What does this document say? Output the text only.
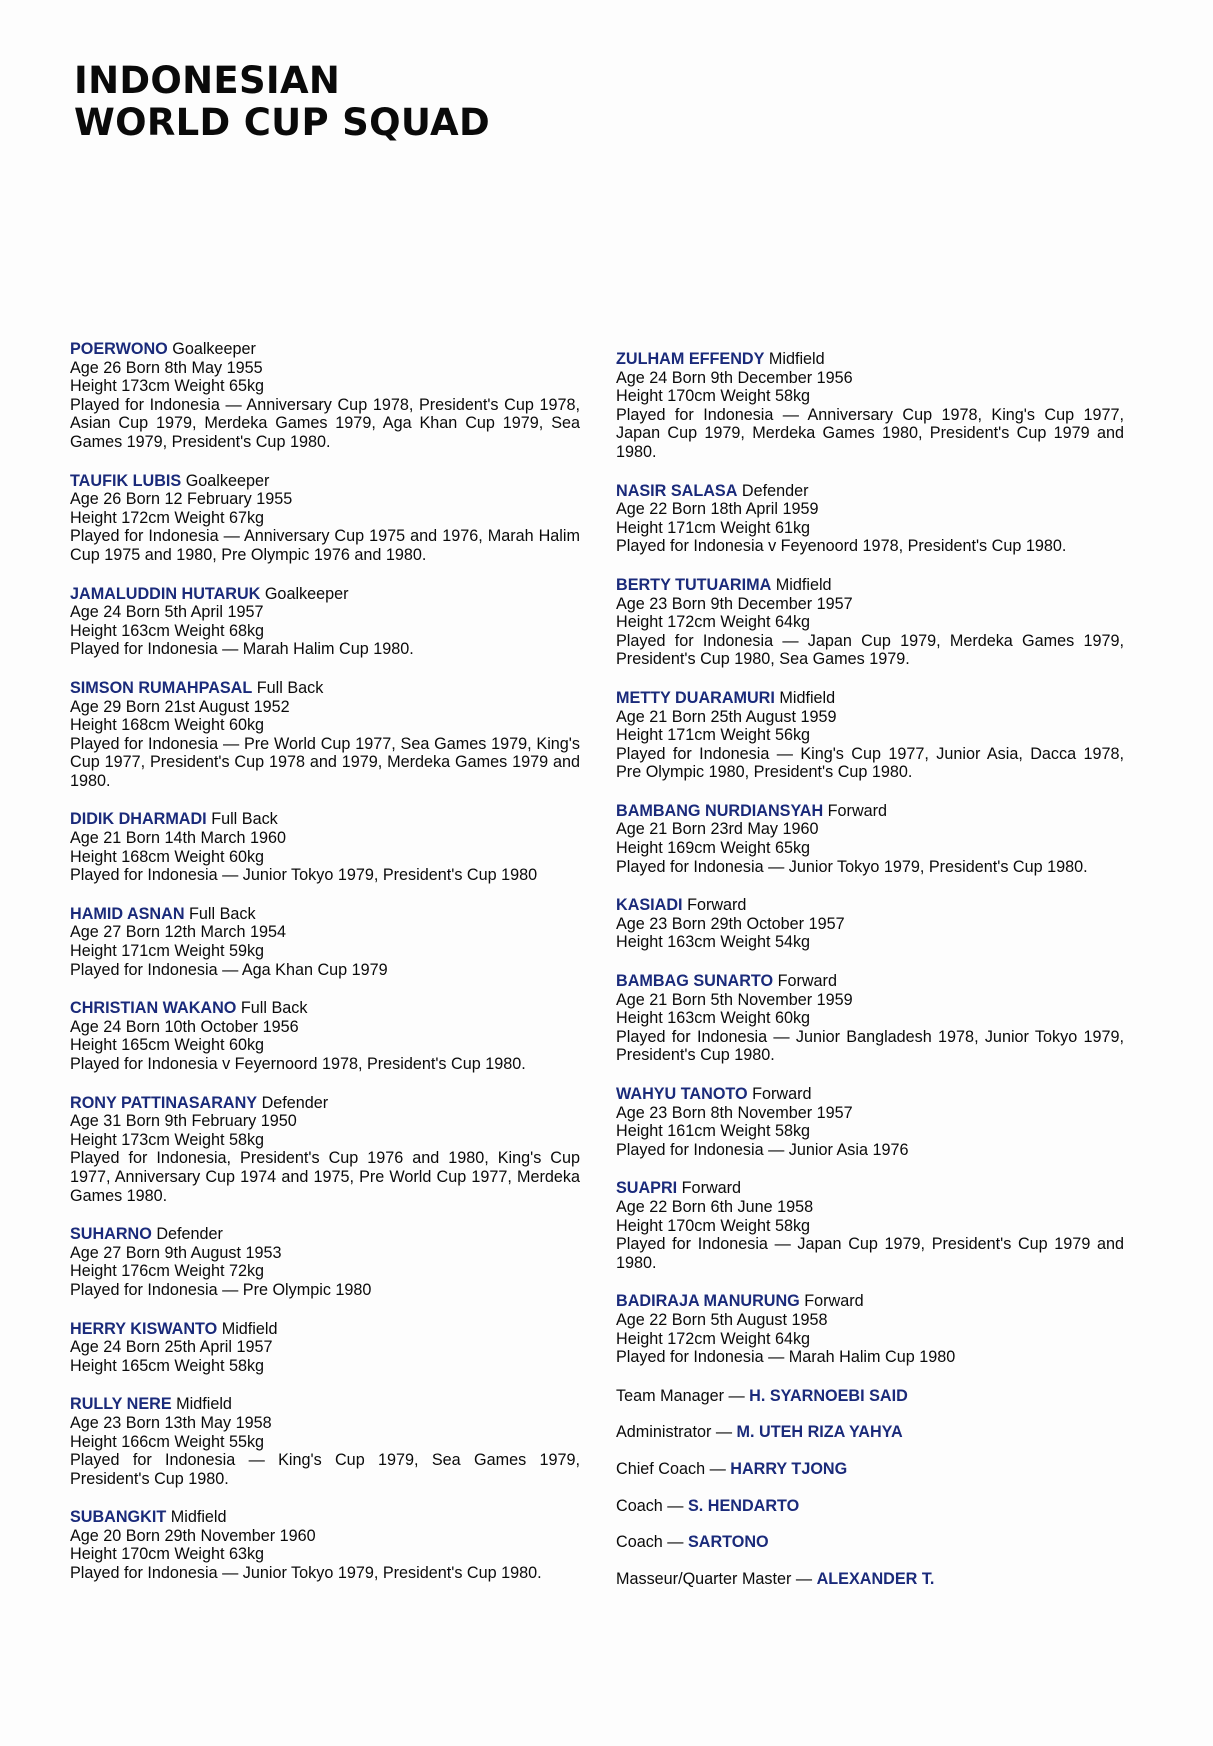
INDONESIAN
WORLD CUP SQUAD
POERWONO Goalkeeper
Age 26 Born 8th May 1955
Height 173cm Weight 65kg
Played for Indonesia — Anniversary Cup 1978, President's Cup 1978, Asian Cup 1979, Merdeka Games 1979, Aga Khan Cup 1979, Sea Games 1979, President's Cup 1980.
TAUFIK LUBIS Goalkeeper
Age 26 Born 12 February 1955
Height 172cm Weight 67kg
Played for Indonesia — Anniversary Cup 1975 and 1976, Marah Halim Cup 1975 and 1980, Pre Olympic 1976 and 1980.
JAMALUDDIN HUTARUK Goalkeeper
Age 24 Born 5th April 1957
Height 163cm Weight 68kg
Played for Indonesia — Marah Halim Cup 1980.
SIMSON RUMAHPASAL Full Back
Age 29 Born 21st August 1952
Height 168cm Weight 60kg
Played for Indonesia — Pre World Cup 1977, Sea Games 1979, King's Cup 1977, President's Cup 1978 and 1979, Merdeka Games 1979 and 1980.
DIDIK DHARMADI Full Back
Age 21 Born 14th March 1960
Height 168cm Weight 60kg
Played for Indonesia — Junior Tokyo 1979, President's Cup 1980
HAMID ASNAN Full Back
Age 27 Born 12th March 1954
Height 171cm Weight 59kg
Played for Indonesia — Aga Khan Cup 1979
CHRISTIAN WAKANO Full Back
Age 24 Born 10th October 1956
Height 165cm Weight 60kg
Played for Indonesia v Feyernoord 1978, President's Cup 1980.
RONY PATTINASARANY Defender
Age 31 Born 9th February 1950
Height 173cm Weight 58kg
Played for Indonesia, President's Cup 1976 and 1980, King's Cup 1977, Anniversary Cup 1974 and 1975, Pre World Cup 1977, Merdeka Games 1980.
SUHARNO Defender
Age 27 Born 9th August 1953
Height 176cm Weight 72kg
Played for Indonesia — Pre Olympic 1980
HERRY KISWANTO Midfield
Age 24 Born 25th April 1957
Height 165cm Weight 58kg
RULLY NERE Midfield
Age 23 Born 13th May 1958
Height 166cm Weight 55kg
Played for Indonesia — King's Cup 1979, Sea Games 1979, President's Cup 1980.
SUBANGKIT Midfield
Age 20 Born 29th November 1960
Height 170cm Weight 63kg
Played for Indonesia — Junior Tokyo 1979, President's Cup 1980.
ZULHAM EFFENDY Midfield
Age 24 Born 9th December 1956
Height 170cm Weight 58kg
Played for Indonesia — Anniversary Cup 1978, King's Cup 1977, Japan Cup 1979, Merdeka Games 1980, President's Cup 1979 and 1980.
NASIR SALASA Defender
Age 22 Born 18th April 1959
Height 171cm Weight 61kg
Played for Indonesia v Feyenoord 1978, President's Cup 1980.
BERTY TUTUARIMA Midfield
Age 23 Born 9th December 1957
Height 172cm Weight 64kg
Played for Indonesia — Japan Cup 1979, Merdeka Games 1979, President's Cup 1980, Sea Games 1979.
METTY DUARAMURI Midfield
Age 21 Born 25th August 1959
Height 171cm Weight 56kg
Played for Indonesia — King's Cup 1977, Junior Asia, Dacca 1978, Pre Olympic 1980, President's Cup 1980.
BAMBANG NURDIANSYAH Forward
Age 21 Born 23rd May 1960
Height 169cm Weight 65kg
Played for Indonesia — Junior Tokyo 1979, President's Cup 1980.
KASIADI Forward
Age 23 Born 29th October 1957
Height 163cm Weight 54kg
BAMBAG SUNARTO Forward
Age 21 Born 5th November 1959
Height 163cm Weight 60kg
Played for Indonesia — Junior Bangladesh 1978, Junior Tokyo 1979, President's Cup 1980.
WAHYU TANOTO Forward
Age 23 Born 8th November 1957
Height 161cm Weight 58kg
Played for Indonesia — Junior Asia 1976
SUAPRI Forward
Age 22 Born 6th June 1958
Height 170cm Weight 58kg
Played for Indonesia — Japan Cup 1979, President's Cup 1979 and 1980.
BADIRAJA MANURUNG Forward
Age 22 Born 5th August 1958
Height 172cm Weight 64kg
Played for Indonesia — Marah Halim Cup 1980
Team Manager — H. SYARNOEBI SAID
Administrator — M. UTEH RIZA YAHYA
Chief Coach — HARRY TJONG
Coach — S. HENDARTO
Coach — SARTONO
Masseur/Quarter Master — ALEXANDER T.
